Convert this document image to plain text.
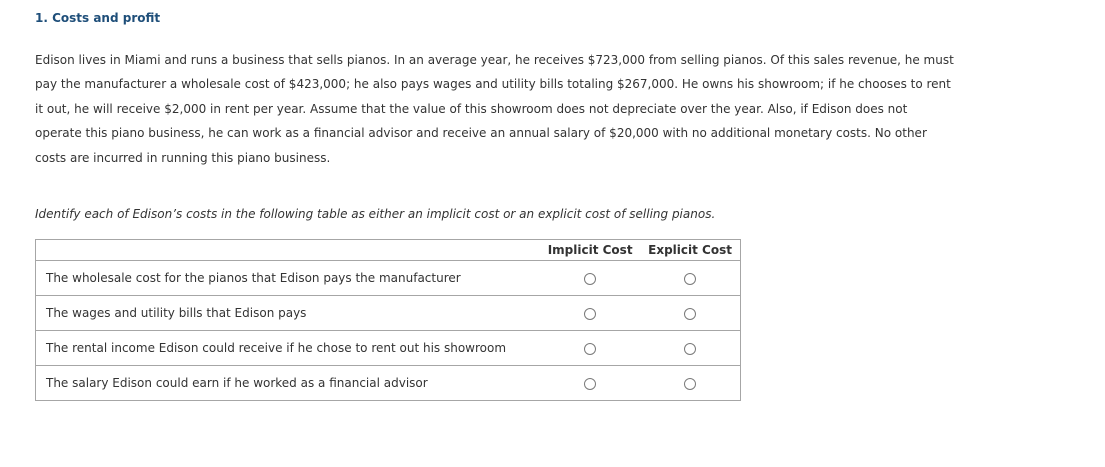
1. Costs and profit

Edison lives in Miami and runs a business that sells pianos. In an average year, he receives $723,000 from selling pianos. Of this sales revenue, he must pay the manufacturer a wholesale cost of $423,000; he also pays wages and utility bills totaling $267,000. He owns his showroom; if he chooses to rent it out, he will receive $2,000 in rent per year. Assume that the value of this showroom does not depreciate over the year. Also, if Edison does not operate this piano business, he can work as a financial advisor and receive an annual salary of $20,000 with no additional monetary costs. No other costs are incurred in running this piano business.

Identify each of Edison’s costs in the following table as either an implicit cost or an explicit cost of selling pianos.

	Implicit Cost	Explicit Cost
The wholesale cost for the pianos that Edison pays the manufacturer		
The wages and utility bills that Edison pays		
The rental income Edison could receive if he chose to rent out his showroom		
The salary Edison could earn if he worked as a financial advisor		
